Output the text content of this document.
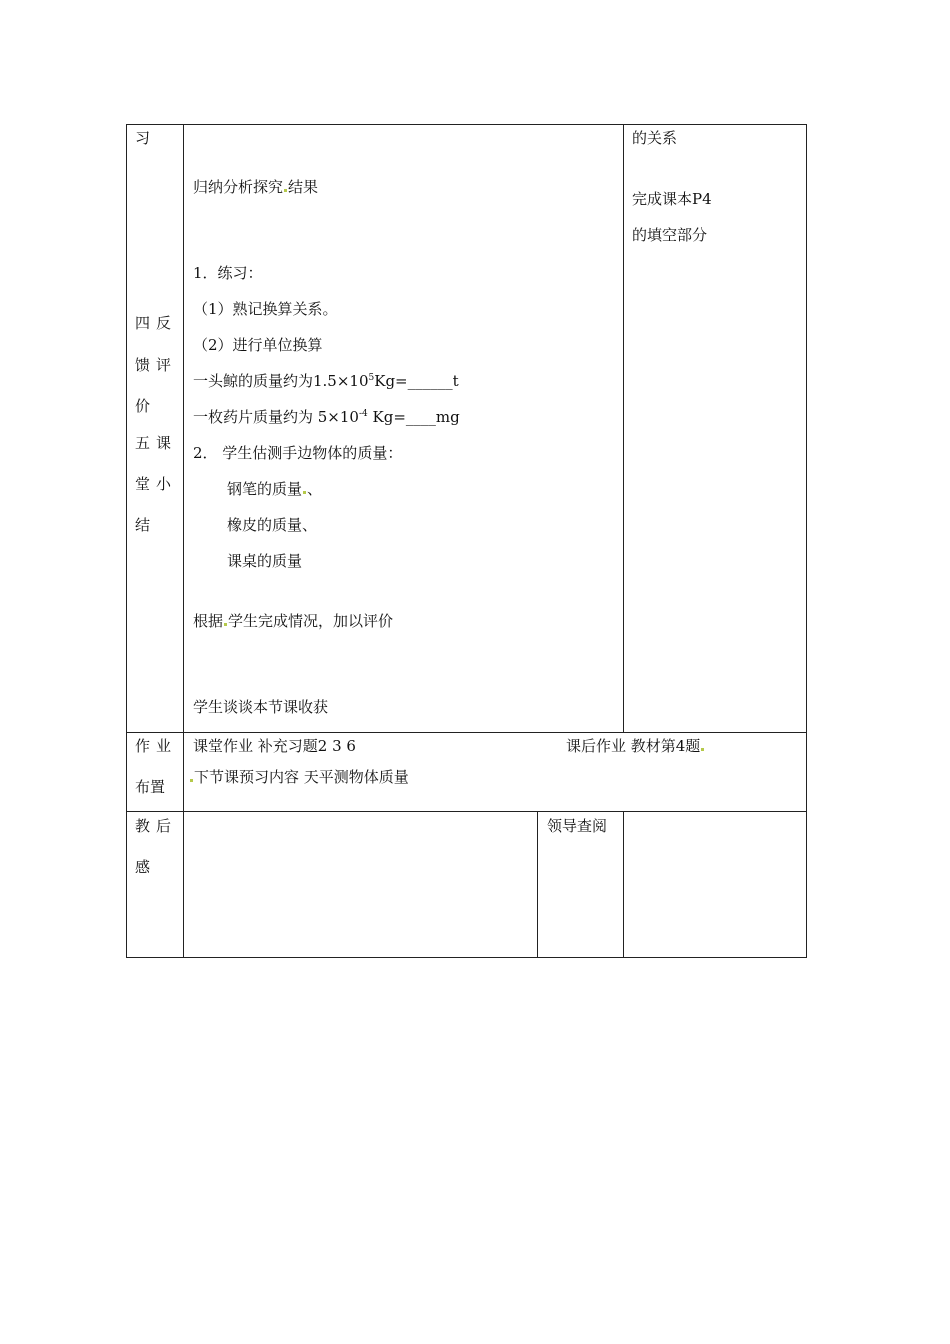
习
四反
馈评
价
五课
堂小
结
作业
布置
教后
感
归纳分析探究 结果
1．练习：
（1）熟记换算关系。
（2）进行单位换算
一头鲸的质量约为$1.5\times 10^5Kg=\_\_\_\_\_\_t$
一枚药片质量约为 $5\times 10^{-4}$ Kg=____mg
2． 学生估测手边物体的质量：
钢笔的质量 、
橡皮的质量、
课桌的质量
根据 学生完成情况，加以评价
学生谈谈本节课收获
的关系
完成课本P4
的填空部分
课堂作业 补充习题2 3 6	课后作业 教材第4题
下节课预习内容 天平测物体质量
领导查阅
